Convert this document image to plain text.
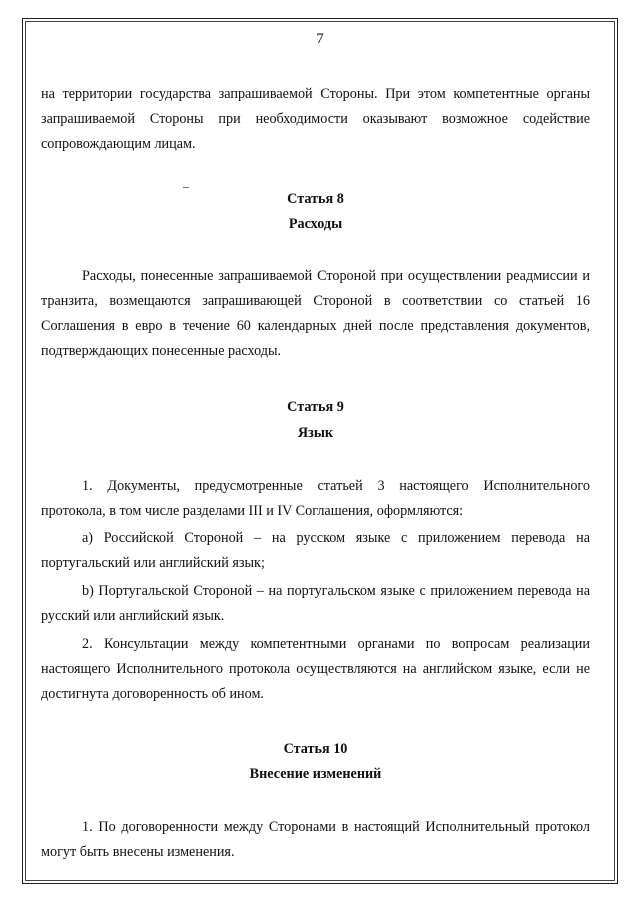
7

на территории государства запрашиваемой Стороны. При этом компетентные органы запрашиваемой Стороны при необходимости оказывают возможное содействие сопровождающим лицам.

Статья 8

Расходы

Расходы, понесенные запрашиваемой Стороной при осуществлении реадмиссии и транзита, возмещаются запрашивающей Стороной в соответствии со статьей 16 Соглашения в евро в течение 60 календарных дней после представления документов, подтверждающих понесенные расходы.

Статья 9

Язык

1. Документы, предусмотренные статьей 3 настоящего Исполнительного протокола, в том числе разделами III и IV Соглашения, оформляются:

a) Российской Стороной – на русском языке с приложением перевода на португальский или английский язык;

b) Португальской Стороной – на португальском языке с приложением перевода на русский или английский язык.

2. Консультации между компетентными органами по вопросам реализации настоящего Исполнительного протокола осуществляются на английском языке, если не достигнута договоренность об ином.

Статья 10

Внесение изменений

1. По договоренности между Сторонами в настоящий Исполнительный протокол могут быть внесены изменения.
